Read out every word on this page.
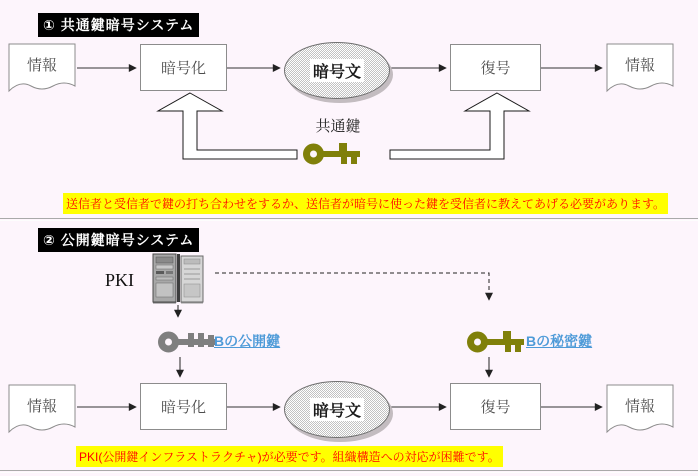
① 共通鍵暗号システム
情報	暗号化	暗号文	復号	情報
共通鍵
送信者と受信者で鍵の打ち合わせをするか、送信者が暗号に使った鍵を受信者に教えてあげる必要があります。
② 公開鍵暗号システム
PKI
Bの公開鍵	Bの秘密鍵
情報	暗号化	暗号文	復号	情報
PKI(公開鍵インフラストラクチャ)が必要です。組織構造への対応が困難です。
